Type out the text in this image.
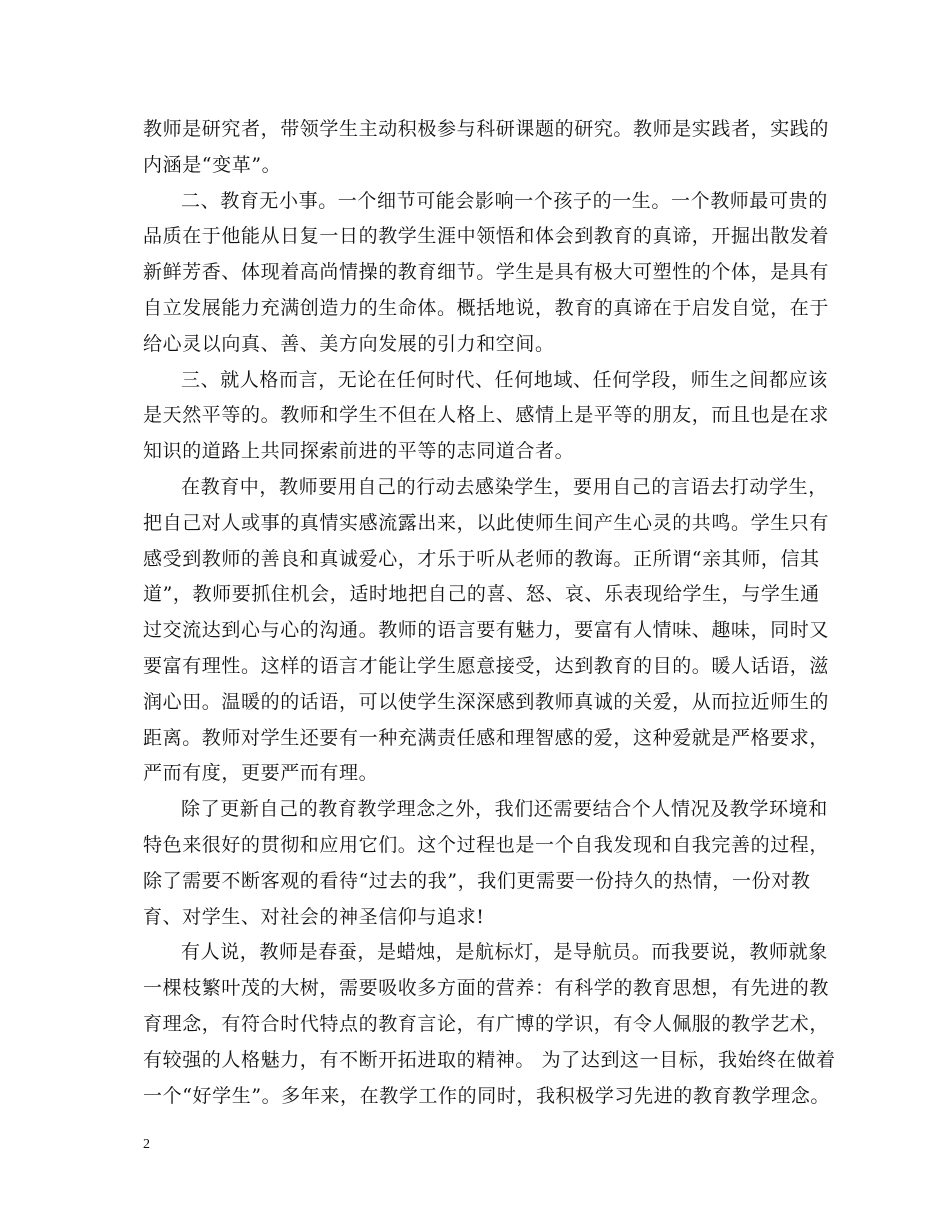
教师是研究者，带领学生主动积极参与科研课题的研究。教师是实践者，实践的
内涵是“变革”。
二、教育无小事。一个细节可能会影响一个孩子的一生。一个教师最可贵的
品质在于他能从日复一日的教学生涯中领悟和体会到教育的真谛，开掘出散发着
新鲜芳香、体现着高尚情操的教育细节。学生是具有极大可塑性的个体，是具有
自立发展能力充满创造力的生命体。概括地说，教育的真谛在于启发自觉，在于
给心灵以向真、善、美方向发展的引力和空间。
三、就人格而言，无论在任何时代、任何地域、任何学段，师生之间都应该
是天然平等的。教师和学生不但在人格上、感情上是平等的朋友，而且也是在求
知识的道路上共同探索前进的平等的志同道合者。
在教育中，教师要用自己的行动去感染学生，要用自己的言语去打动学生，
把自己对人或事的真情实感流露出来，以此使师生间产生心灵的共鸣。学生只有
感受到教师的善良和真诚爱心，才乐于听从老师的教诲。正所谓“亲其师，信其
道”，教师要抓住机会，适时地把自己的喜、怒、哀、乐表现给学生，与学生通
过交流达到心与心的沟通。教师的语言要有魅力，要富有人情味、趣味，同时又
要富有理性。这样的语言才能让学生愿意接受，达到教育的目的。暖人话语，滋
润心田。温暖的的话语，可以使学生深深感到教师真诚的关爱，从而拉近师生的
距离。教师对学生还要有一种充满责任感和理智感的爱，这种爱就是严格要求，
严而有度，更要严而有理。
除了更新自己的教育教学理念之外，我们还需要结合个人情况及教学环境和
特色来很好的贯彻和应用它们。这个过程也是一个自我发现和自我完善的过程，
除了需要不断客观的看待“过去的我”，我们更需要一份持久的热情，一份对教
育、对学生、对社会的神圣信仰与追求!
有人说，教师是春蚕，是蜡烛，是航标灯，是导航员。而我要说，教师就象
一棵枝繁叶茂的大树，需要吸收多方面的营养：有科学的教育思想，有先进的教
育理念，有符合时代特点的教育言论，有广博的学识，有令人佩服的教学艺术，
有较强的人格魅力，有不断开拓进取的精神。 为了达到这一目标，我始终在做着
一个“好学生”。多年来，在教学工作的同时，我积极学习先进的教育教学理念。
2
